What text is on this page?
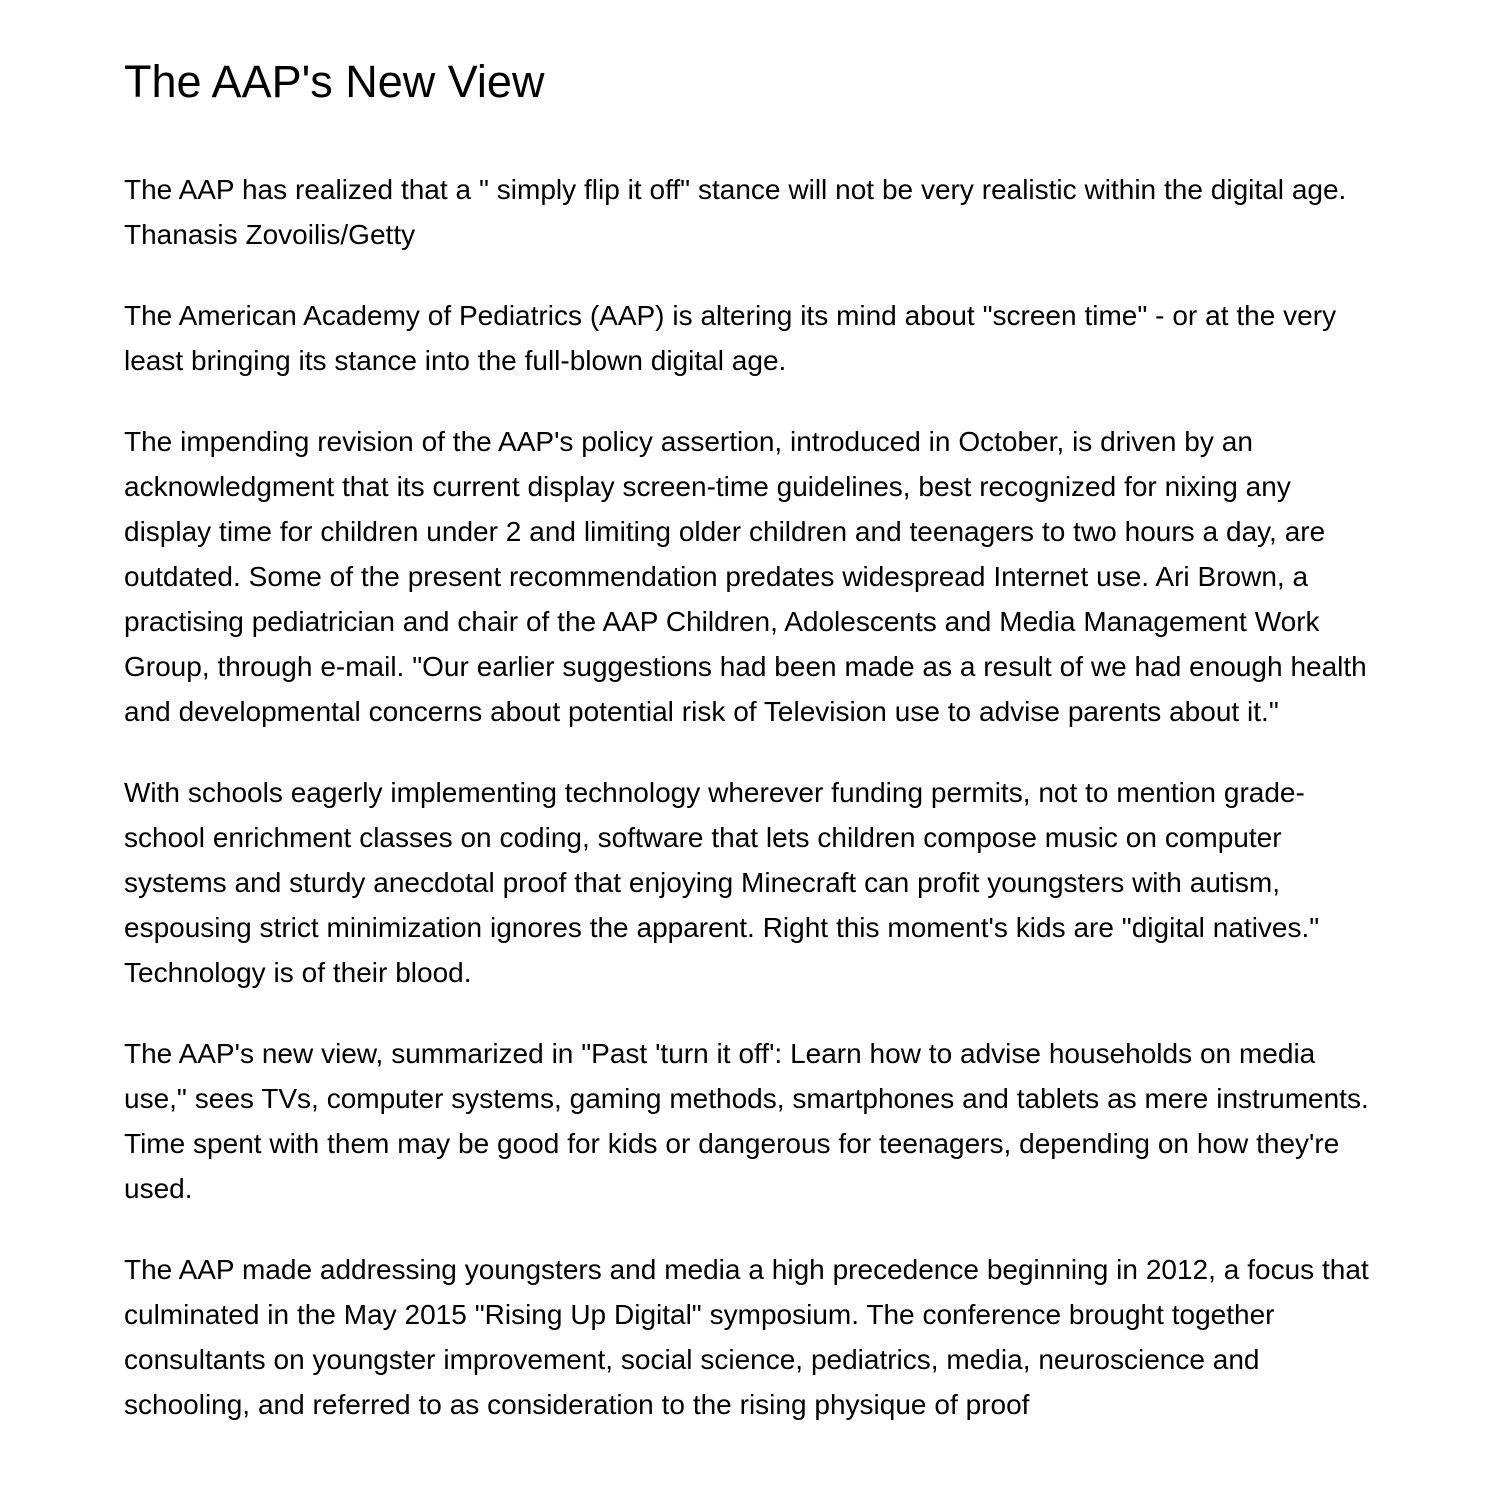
The AAP's New View

The AAP has realized that a " simply flip it off" stance will not be very realistic within the digital age. Thanasis Zovoilis/Getty

The American Academy of Pediatrics (AAP) is altering its mind about "screen time" - or at the very least bringing its stance into the full-blown digital age.

The impending revision of the AAP's policy assertion, introduced in October, is driven by an acknowledgment that its current display screen-time guidelines, best recognized for nixing any display time for children under 2 and limiting older children and teenagers to two hours a day, are outdated. Some of the present recommendation predates widespread Internet use. Ari Brown, a practising pediatrician and chair of the AAP Children, Adolescents and Media Management Work Group, through e-mail. "Our earlier suggestions had been made as a result of we had enough health and developmental concerns about potential risk of Television use to advise parents about it."

With schools eagerly implementing technology wherever funding permits, not to mention grade-school enrichment classes on coding, software that lets children compose music on computer systems and sturdy anecdotal proof that enjoying Minecraft can profit youngsters with autism, espousing strict minimization ignores the apparent. Right this moment's kids are "digital natives." Technology is of their blood.

The AAP's new view, summarized in "Past 'turn it off': Learn how to advise households on media use," sees TVs, computer systems, gaming methods, smartphones and tablets as mere instruments. Time spent with them may be good for kids or dangerous for teenagers, depending on how they're used.

The AAP made addressing youngsters and media a high precedence beginning in 2012, a focus that culminated in the May 2015 "Rising Up Digital" symposium. The conference brought together consultants on youngster improvement, social science, pediatrics, media, neuroscience and schooling, and referred to as consideration to the rising physique of proof
